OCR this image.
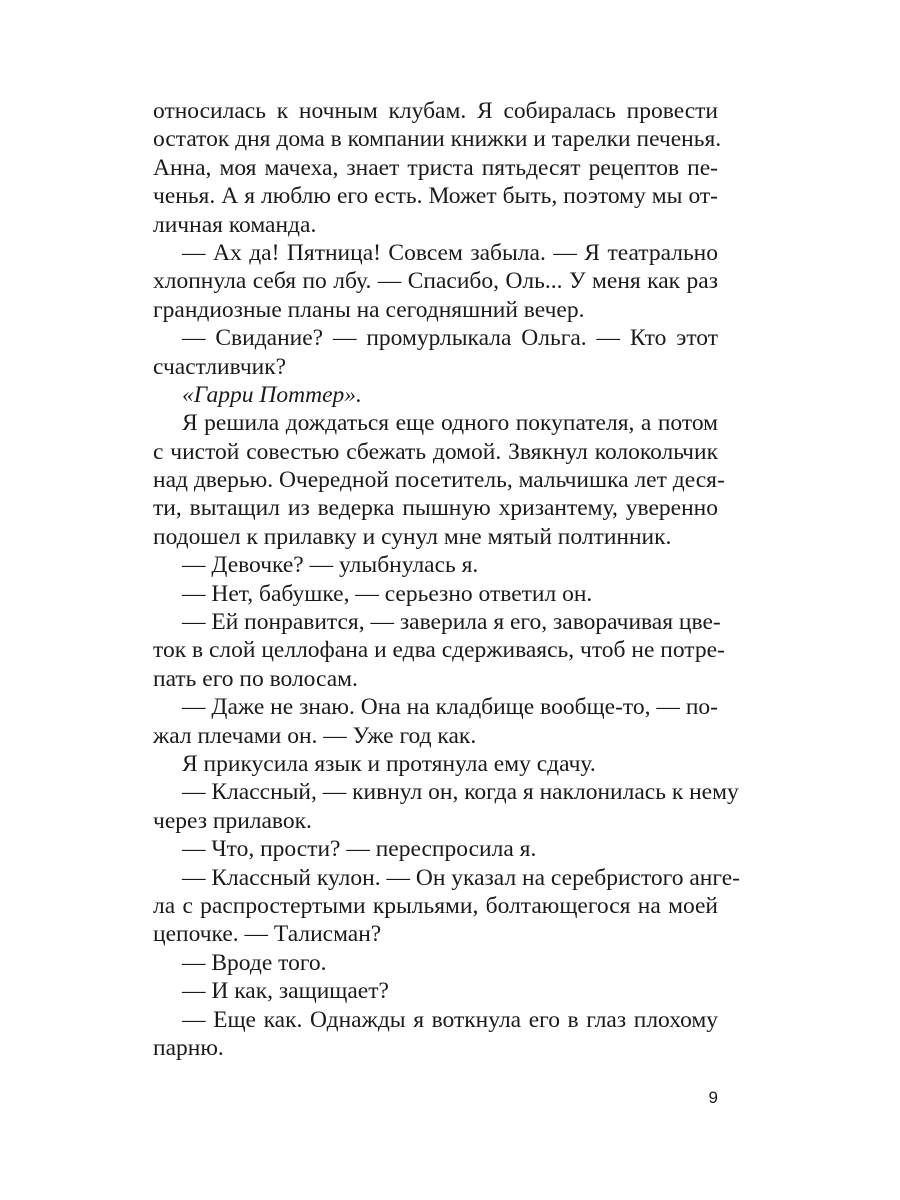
относилась к ночным клубам. Я собиралась провести
остаток дня дома в компании книжки и тарелки печенья.
Анна, моя мачеха, знает триста пятьдесят рецептов пе-
ченья. А я люблю его есть. Может быть, поэтому мы от-
личная команда.
— Ах да! Пятница! Совсем забыла. — Я театрально
хлопнула себя по лбу. — Спасибо, Оль... У меня как раз
грандиозные планы на сегодняшний вечер.
— Свидание? — промурлыкала Ольга. — Кто этот
счастливчик?
«Гарри Поттер».
Я решила дождаться еще одного покупателя, а потом
с чистой совестью сбежать домой. Звякнул колокольчик
над дверью. Очередной посетитель, мальчишка лет деся-
ти, вытащил из ведерка пышную хризантему, уверенно
подошел к прилавку и сунул мне мятый полтинник.
— Девочке? — улыбнулась я.
— Нет, бабушке, — серьезно ответил он.
— Ей понравится, — заверила я его, заворачивая цве-
ток в слой целлофана и едва сдерживаясь, чтоб не потре-
пать его по волосам.
— Даже не знаю. Она на кладбище вообще-то, — по-
жал плечами он. — Уже год как.
Я прикусила язык и протянула ему сдачу.
— Классный, — кивнул он, когда я наклонилась к нему
через прилавок.
— Что, прости? — переспросила я.
— Классный кулон. — Он указал на серебристого анге-
ла с распростертыми крыльями, болтающегося на моей
цепочке. — Талисман?
— Вроде того.
— И как, защищает?
— Еще как. Однажды я воткнула его в глаз плохому
парню.
9
